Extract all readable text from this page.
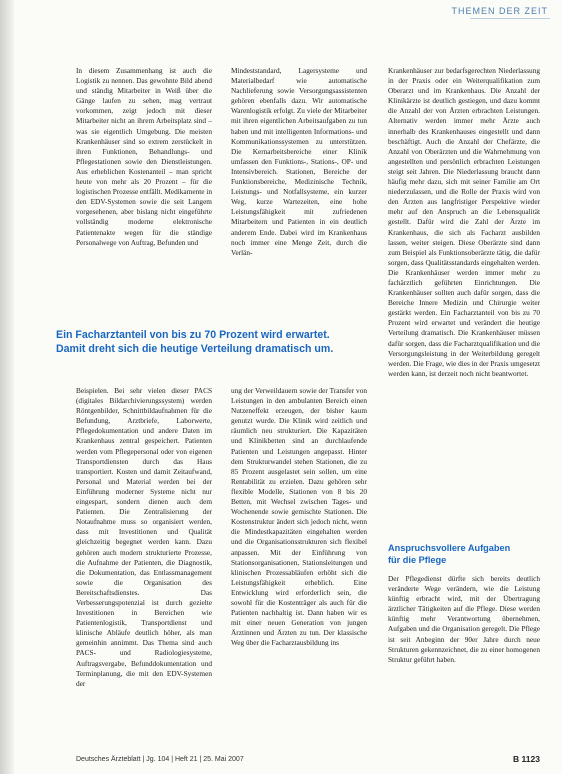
THEMEN DER ZEIT

In diesem Zusammenhang ist auch die Logistik zu nennen. Das gewohnte Bild abend und ständig Mitarbeiter in Weiß über die Gänge laufen zu sehen, mag vertraut vorkommen, zeigt jedoch mit dieser Mitarbeiter nicht an ihrem Arbeitsplatz sind – was sie eigentlich Umgebung. Die meisten Krankenhäuser sind so extrem zerstückelt in ihren Funktionen, Behandlungs- und Pflegestationen sowie den Dienstleistungen. Aus erheblichen Kostenanteil – man spricht heute von mehr als 20 Prozent – für die logistischen Prozesse entfällt. Medikamente in den EDV-Systemen sowie die seit Langem vorgesehenen, aber bislang nicht eingeführte vollständig moderne elektronische Patientenakte wegen für die ständige Personalwege von Auftrag, Befunden und

Mindeststandard, Lagersysteme und Materialbedarf wie automatische Nachlieferung sowie Versorgungsassistenten gehören ebenfalls dazu. Wir automatische Warenlogistik erfolgt. Zu viele der Mitarbeiter mit ihren eigentlichen Arbeitsaufgaben zu tun haben und mit intelligenten Informations- und Kommunikationssystemen zu unterstützen. Die Kernarbeitsbereiche einer Klinik umfassen den Funktions-, Stations-, OP- und Intensivbereich. Stationen, Bereiche der Funktionsbereiche, Medizinische Technik, Leistungs- und Notfallsysteme, ein kurzer Weg, kurze Wartezeiten, eine hohe Leistungsfähigkeit mit zufriedenen Mitarbeitern und Patienten in ein deutlich anderem Ende. Dabei wird im Krankenhaus noch immer eine Menge Zeit, durch die Verlän-

Ein Facharztanteil von bis zu 70 Prozent wird erwartet.
Damit dreht sich die heutige Verteilung dramatisch um.

Beispielen. Bei sehr vielen dieser PACS (digitales Bildarchivierungssystem) werden Röntgenbilder, Schnittbildaufnahmen für die Befundung, Arztbriefe, Laborwerte, Pflegedokumentation und andere Daten im Krankenhaus zentral gespeichert. Patienten werden vom Pflegepersonal oder von eigenen Transportdiensten durch das Haus transportiert. Kosten und damit Zeitaufwand, Personal und Material werden bei der Einführung moderner Systeme nicht nur eingespart, sondern dienen auch dem Patienten. Die Zentralisierung der Notaufnahme muss so organisiert werden, dass mit Investitionen und Qualität gleichzeitig begegnet werden kann. Dazu gehören auch modern strukturierte Prozesse, die Aufnahme der Patienten, die Diagnostik, die Dokumentation, das Entlassmanagement sowie die Organisation des Bereitschaftsdienstes. Das Verbesserungspotenzial ist durch gezielte Investitionen in Bereichen wie Patientenlogistik, Transportdienst und klinische Abläufe deutlich höher, als man gemeinhin annimmt. Das Thema sind auch PACS- und Radiologiesysteme, Auftragsvergabe, Befunddokumentation und Terminplanung, die mit den EDV-Systemen der

ung der Verweildauern sowie der Transfer von Leistungen in den ambulanten Bereich einen Nutzeneffekt erzeugen, der bisher kaum genutzt wurde. Die Klinik wird zeitlich und räumlich neu strukturiert. Die Kapazitäten und Klinikbetten sind an durchlaufende Patienten und Leistungen angepasst. Hinter dem Strukturwandel stehen Stationen, die zu 85 Prozent ausgelastet sein sollen, um eine Rentabilität zu erzielen. Dazu gehören sehr flexible Modelle, Stationen von 8 bis 20 Betten, mit Wechsel zwischen Tages- und Wochenende sowie gemischte Stationen. Die Kostenstruktur ändert sich jedoch nicht, wenn die Mindestkapazitäten eingehalten werden und die Organisationsstrukturen sich flexibel anpassen. Mit der Einführung von Stationsorganisationen, Stationsleitungen und klinischen Prozessabläufen erhöht sich die Leistungsfähigkeit erheblich. Eine Entwicklung wird erforderlich sein, die sowohl für die Kostenträger als auch für die Patienten nachhaltig ist. Dann haben wir es mit einer neuen Generation von jungen Ärztinnen und Ärzten zu tun. Der klassische Weg über die Facharztausbildung ins

Krankenhäuser zur bedarfsgerechten Niederlassung in der Praxis oder ein Weiterqualifikation zum Oberarzt und im Krankenhaus. Die Anzahl der Klinikärzte ist deutlich gestiegen, und dazu kommt die Anzahl der von Ärzten erbrachten Leistungen. Alternativ werden immer mehr Ärzte auch innerhalb des Krankenhauses eingestellt und dann beschäftigt. Auch die Anzahl der Chefärzte, die Anzahl von Oberärzten und die Wahrnehmung von angestellten und persönlich erbrachten Leistungen steigt seit Jahren. Die Niederlassung braucht dann häufig mehr dazu, sich mit seiner Familie am Ort niederzulassen, und die Rolle der Praxis wird von den Ärzten aus langfristiger Perspektive wieder mehr auf den Anspruch an die Lebensqualität gestellt. Dafür wird die Zahl der Ärzte im Krankenhaus, die sich als Facharzt ausbilden lassen, weiter steigen. Diese Oberärzte sind dann zum Beispiel als Funktionsoberärzte tätig, die dafür sorgen, dass Qualitätsstandards eingehalten werden. Die Krankenhäuser werden immer mehr zu fachärztlich geführten Einrichtungen. Die Krankenhäuser sollten auch dafür sorgen, dass die Bereiche Innere Medizin und Chirurgie weiter gestärkt werden. Ein Facharztanteil von bis zu 70 Prozent wird erwartet und verändert die heutige Verteilung dramatisch. Die Krankenhäuser müssen dafür sorgen, dass die Facharztqualifikation und die Versorgungsleistung in der Weiterbildung geregelt werden. Die Frage, wie dies in der Praxis umgesetzt werden kann, ist derzeit noch nicht beantwortet.

Anspruchsvollere Aufgaben
für die Pflege

Der Pflegedienst dürfte sich bereits deutlich veränderte Wege verändern, wie die Leistung künftig erbracht wird, mit der Übertragung ärztlicher Tätigkeiten auf die Pflege. Diese werden künftig mehr Verantwortung übernehmen, Aufgaben und die Organisation geregelt. Die Pflege ist seit Anbeginn der 90er Jahre durch neue Strukturen gekennzeichnet, die zu einer homogenen Struktur geführt haben.

Deutsches Ärzteblatt | Jg. 104 | Heft 21 | 25. Mai 2007	B 1123
